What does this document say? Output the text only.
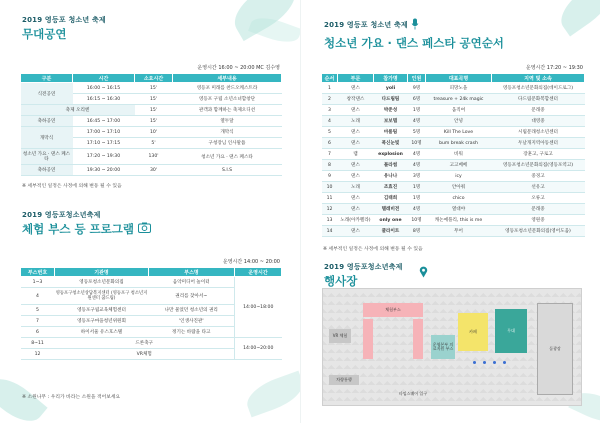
2019 영등포 청소년 축제
무대공연
운영시간 16:00 ~ 20:00 MC 김수영
구분	시간	소요시간	세부내용
식전공연	16:00 ~ 16:15	15'	영등포 미래를 찬드오케스트라
	16:15 ~ 16:30	15'	영등포 구립 소년소녀합창단
축제 오리엔		15'	관객과 함께하는 축제오디션
축하공연	16:45 ~ 17:00	15'	열두달
개막식	17:00 ~ 17:10	10'	개막식
	17:10 ~ 17:15	5'	구청장님 인사말씀
청소년 가요 · 댄스 페스타	17:20 ~ 19:30	130'	청소년 가요 · 댄스 페스타
축하공연	19:30 ~ 20:00	30'	S.I.S
※ 세부적인 일정은 사정에 의해 변동 될 수 있음
2019 영등포청소년축제
체험 부스 등 프로그램
운영시간 14:00 ~ 20:00
부스번호	기관명	부스명	운영시간
1~3	영등포청소년문화의집	음악미디어 놀이터	14:00~18:00
4	영등포구청소년상담복지센터 (영등포구 청소년지원센터 꿈드림)	권리를 찾아서~	
5	영등포구립교육체험센터	나만 물었던 청소년의 권리	
7	영등포구마을청년위원회	'인생사진관'	
6	하이서울 유스호스텔	정기는 바람을 타고	
8~11	드론축구		14:00~20:00
12	VR체험		
※ 소원나무 : 우리가 바라는 소원을 적어보세요
2019 영등포 청소년 축제
청소년 가요 · 댄스 페스타 공연순서
운영시간 17:20 ~ 19:30
순서	부문	참가명	인원	대표곡명	지역 및 소속
1	댄스	yoli	9명	피망노을	영등포청소년문화의집(데이드로그)
2	창작댄스	다드림팀	6명	treasure + 24k magic	다드림문화복합센터
3	댄스	박준성	1명	움직여	문래중
4	노래	보보탭	4명	안녕	대영중
5	댄스	마룸팀	5명	Kill The Love	시립문래청소년센터
6	댄스	폭신눈빛	10명	bum break crash	두날개지역아동센터
7	랩	explosion	4명	비워	장훈고, 구로고
8	댄스	블라썸	4명	고고베베	영등포청소년문화의집(영등포역고)
9	댄스	유나나	3명	icy	중경고
10	노래	조효진	1명	안아줘	선유고
11	댄스	김태희	1명	chico	오류고
12	댄스	텔레비전	4명	열대야	문래중
13	노래(아카펠라)	only one	10명	캐논예플리, this is me	영원중
14	댄스	쿨라이트	8명	무어	영등포청소년문화의집(영어도움)
※ 세부적인 일정은 사정에 의해 변동 될 수 있음
2019 영등포청소년축제
행사장
체험부스
카페
운영본부 의료지원 부스
무대
돔광장
VR 체험
차량통행
타임스퀘어 입구
